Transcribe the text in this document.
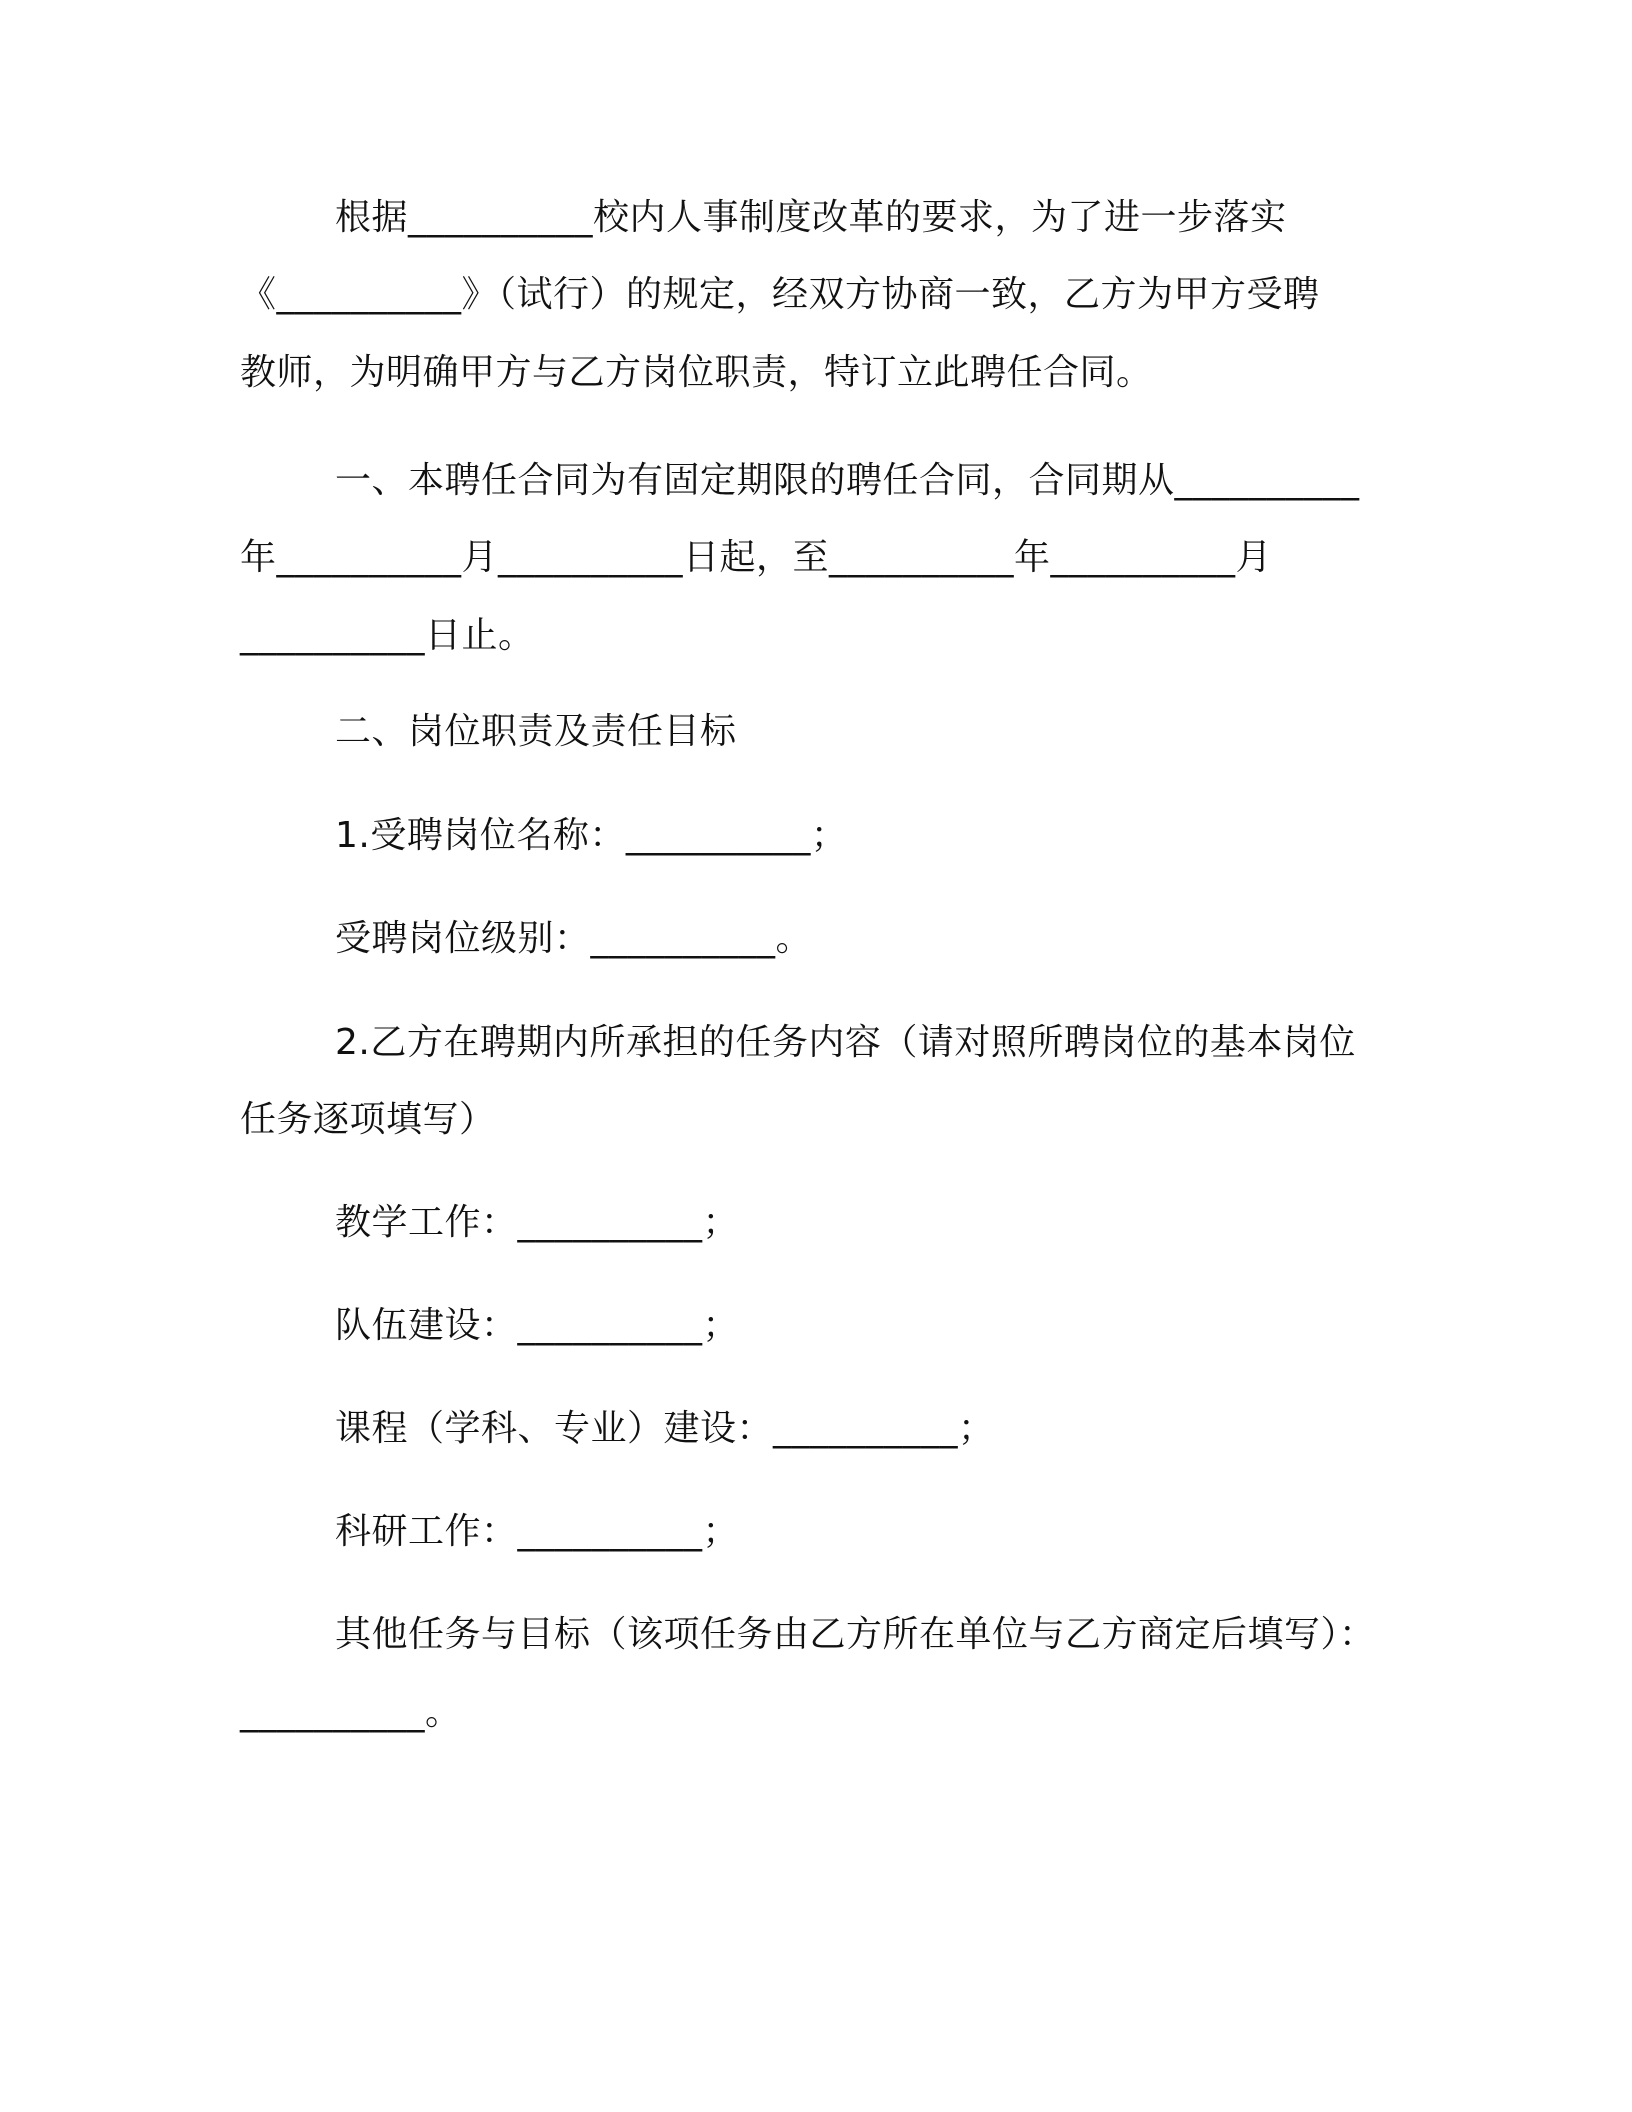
根据__________校内人事制度改革的要求，为了进一步落实
《__________》（试行）的规定，经双方协商一致，乙方为甲方受聘
教师，为明确甲方与乙方岗位职责，特订立此聘任合同。
一、本聘任合同为有固定期限的聘任合同，合同期从__________
年__________月__________日起，至__________年__________月
__________日止。
二、岗位职责及责任目标
1.受聘岗位名称：__________；
受聘岗位级别：__________。
2.乙方在聘期内所承担的任务内容（请对照所聘岗位的基本岗位
任务逐项填写）
教学工作：__________；
队伍建设：__________；
课程（学科、专业）建设：__________；
科研工作：__________；
其他任务与目标（该项任务由乙方所在单位与乙方商定后填写）：
__________。
